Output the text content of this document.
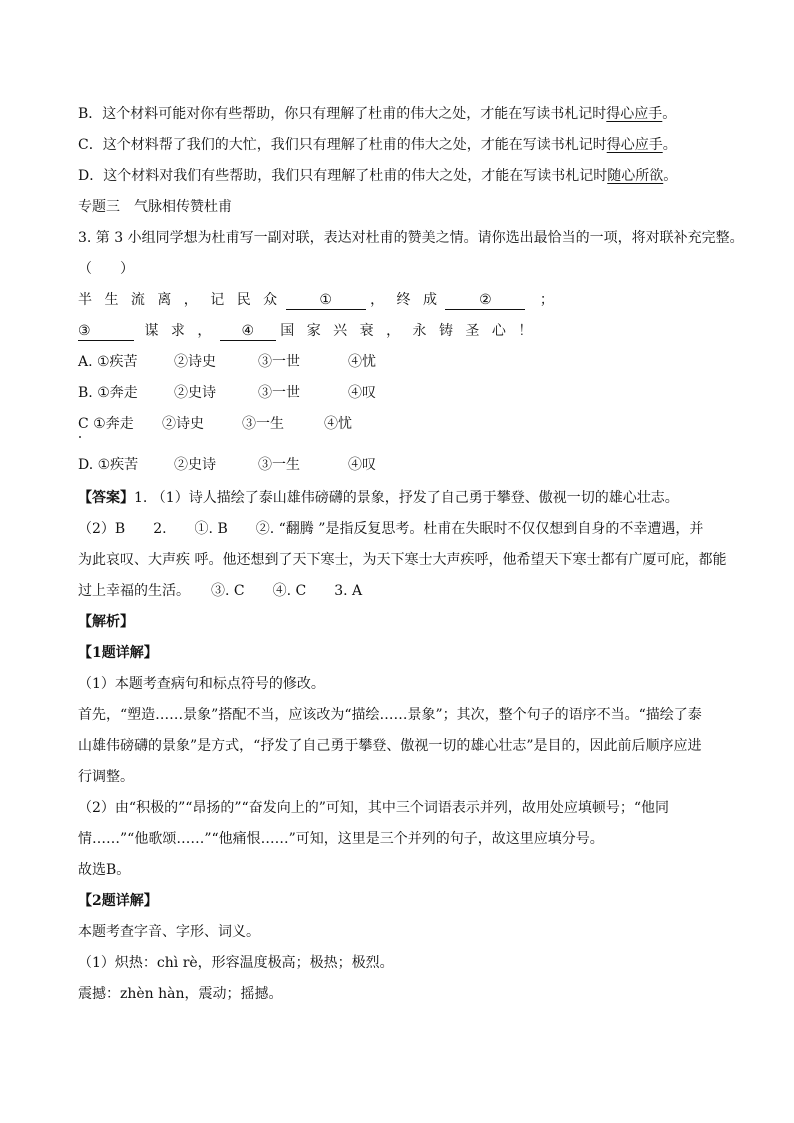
B．这个材料可能对你有些帮助，你只有理解了杜甫的伟大之处，才能在写读书札记时得心应手。
C．这个材料帮了我们的大忙，我们只有理解了杜甫的伟大之处，才能在写读书札记时得心应手。
D．这个材料对我们有些帮助，我们只有理解了杜甫的伟大之处，才能在写读书札记时随心所欲。
专题三　气脉相传赞杜甫
3. 第 3 小组同学想为杜甫写一副对联，表达对杜甫的赞美之情。请你选出最恰当的一项，将对联补充完整。
（　　）
半 生 流 离 ， 记 民 众	①	， 终 成	②	；
③	谋 求 ， ④ 国 家 兴 衰 ， 永 铸 圣 心 ！
A. ①疾苦	②诗史	③一世	④忧
B. ①奔走	②史诗	③一世	④叹
C ①奔走 ②诗史	③一生	④忧
D. ①疾苦	②史诗	③一生	④叹
【答案】1. （1）诗人描绘了泰山雄伟磅礴的景象，抒发了自己勇于攀登、傲视一切的雄心壮志。
（2）B　　2.　　①. B　　②. “翻腾 ”是指反复思考。杜甫在失眠时不仅仅想到自身的不幸遭遇，并
为此哀叹、大声疾 呼。他还想到了天下寒士，为天下寒士大声疾呼，他希望天下寒士都有广厦可庇，都能
过上幸福的生活。　　③. C　　④. C　　3. A
【解析】
【1题详解】
（1）本题考查病句和标点符号的修改。
首先，“塑造……景象”搭配不当，应该改为“描绘……景象”；其次，整个句子的语序不当。“描绘了泰
山雄伟磅礴的景象”是方式，“抒发了自己勇于攀登、傲视一切的雄心壮志”是目的，因此前后顺序应进
行调整。
（2）由“积极的”“昂扬的”“奋发向上的”可知，其中三个词语表示并列，故用处应填顿号；“他同
情……”“他歌颂……”“他痛恨……”可知，这里是三个并列的句子，故这里应填分号。
故选B。
【2题详解】
本题考查字音、字形、词义。
（1）炽热：chì rè，形容温度极高；极热；极烈。
震撼：zhèn hàn，震动；摇撼。
